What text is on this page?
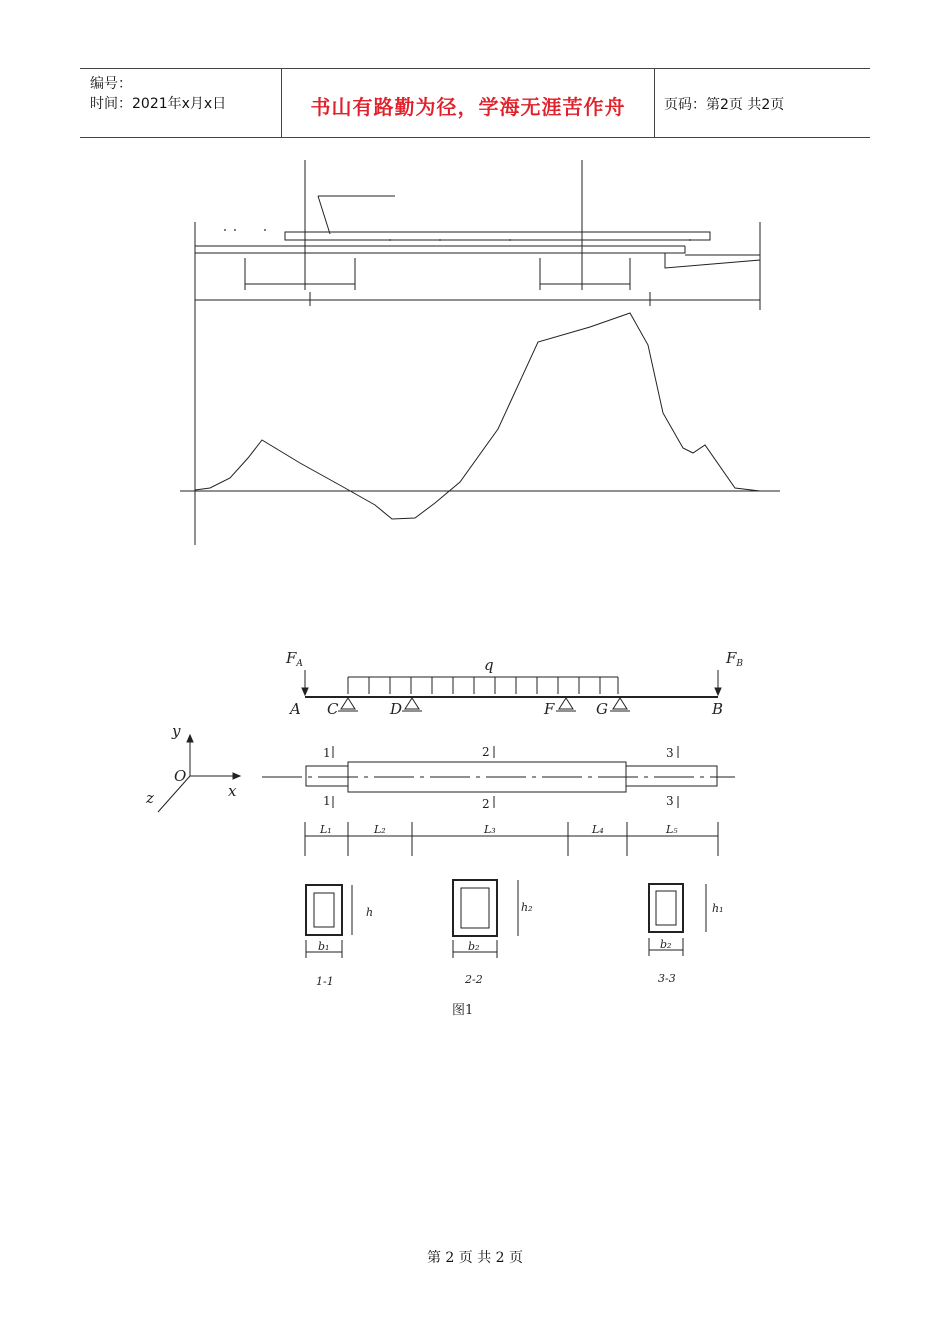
编号：
时间：2021年x月x日	书山有路勤为径，学海无涯苦作舟	页码：第2页 共2页
$F_A$	$F_B$
q
A C	D	F	G	B
y
O
x
z
1
1
2
2
3
3
L₁	L₂	L₃	L₄	L₅
h
b₁
h₂
b₂
h₁
b₂
1-1	2-2	3-3
图1
第 2 页 共 2 页
